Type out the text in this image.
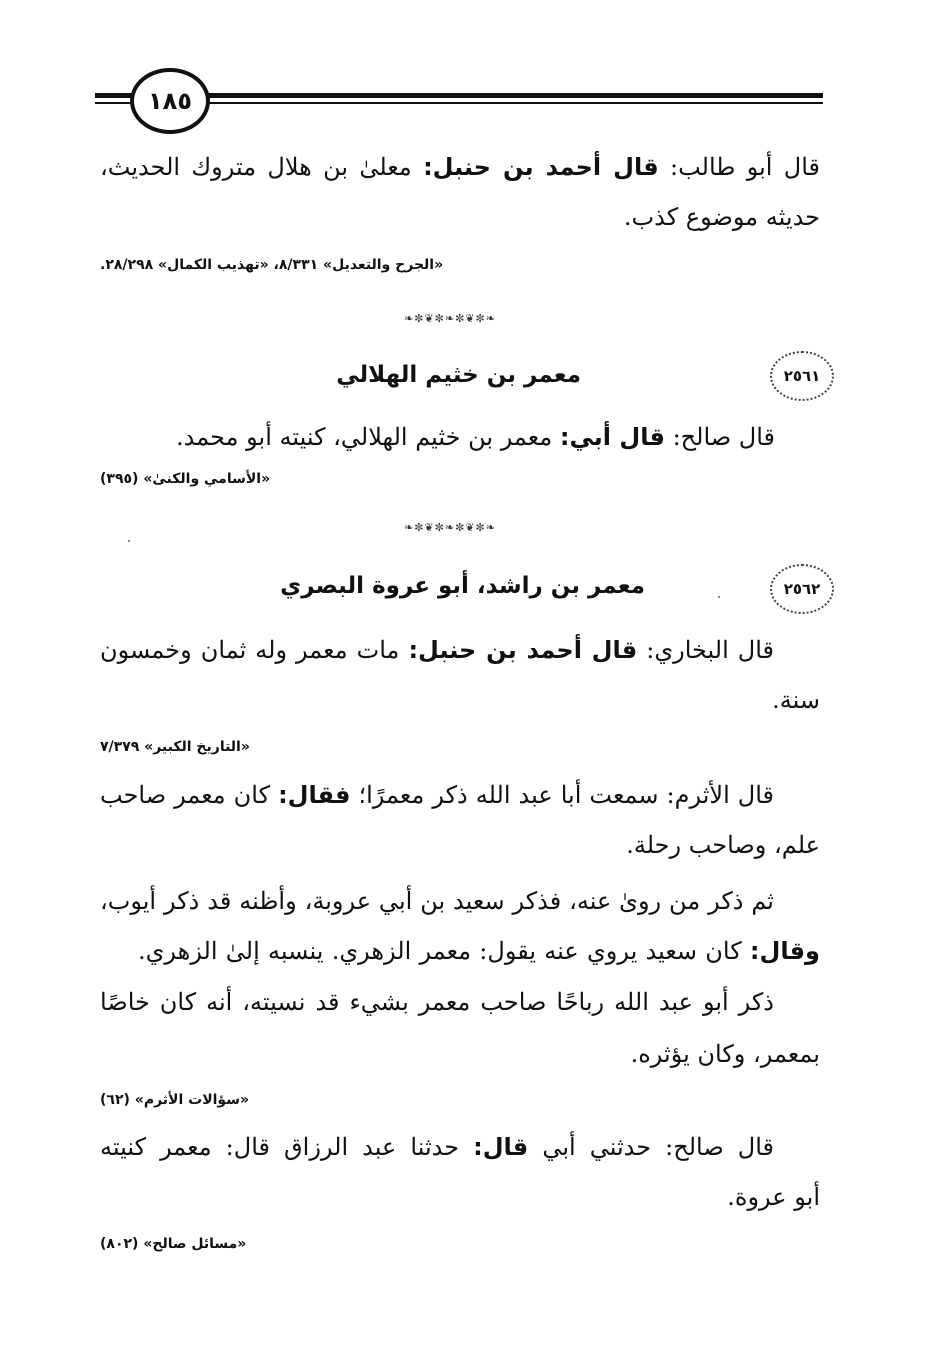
١٨٥
قال أبو طالب: قال أحمد بن حنبل: معلىٰ بن هلال متروك الحديث،
حديثه موضوع كذب.
«الجرح والتعديل» ٨/٣٣١، «تهذيب الكمال» ٢٨/٢٩٨.
❧✼❦✼❧✼❦✼❧
٢٥٦١
معمر بن خثيم الهلالي
قال صالح: قال أبي: معمر بن خثيم الهلالي، كنيته أبو محمد.
«الأسامي والكنىٰ» (٣٩٥)
❧✼❦✼❧✼❦✼❧
٢٥٦٢
معمر بن راشد، أبو عروة البصري
قال البخاري: قال أحمد بن حنبل: مات معمر وله ثمان وخمسون
سنة.
«التاريخ الكبير» ٧/٣٧٩
قال الأثرم: سمعت أبا عبد الله ذكر معمرًا؛ فقال: كان معمر صاحب
علم، وصاحب رحلة.
ثم ذكر من روىٰ عنه، فذكر سعيد بن أبي عروبة، وأظنه قد ذكر أيوب،
وقال: كان سعيد يروي عنه يقول: معمر الزهري. ينسبه إلىٰ الزهري.
ذكر أبو عبد الله رباحًا صاحب معمر بشيء قد نسيته، أنه كان خاصًا
بمعمر، وكان يؤثره.
«سؤالات الأثرم» (٦٢)
قال صالح: حدثني أبي قال: حدثنا عبد الرزاق قال: معمر كنيته
أبو عروة.
«مسائل صالح» (٨٠٢)
